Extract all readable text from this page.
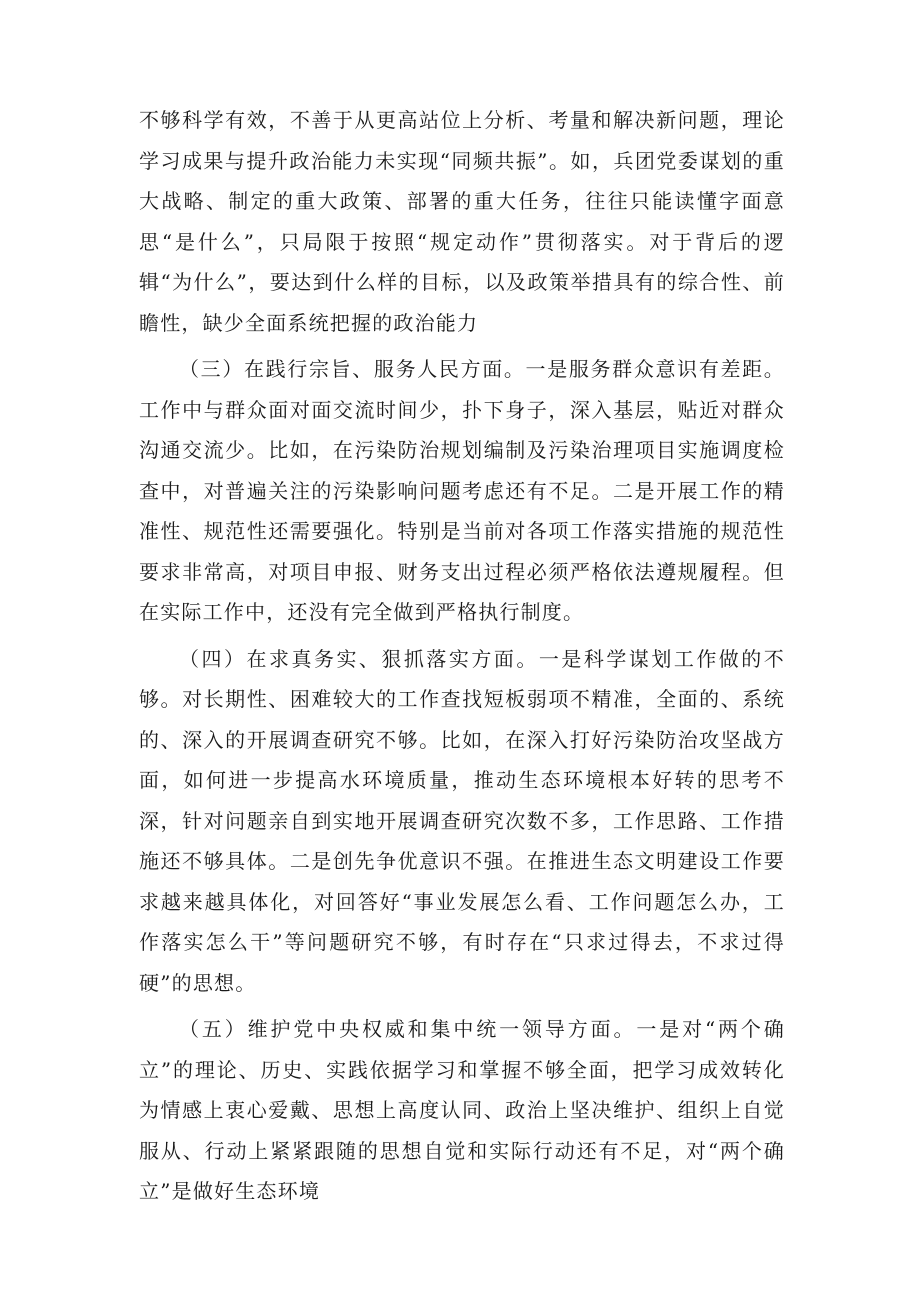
不够科学有效，不善于从更高站位上分析、考量和解决新问题，理论学习成果与提升政治能力未实现“同频共振”。如，兵团党委谋划的重大战略、制定的重大政策、部署的重大任务，往往只能读懂字面意思“是什么”，只局限于按照“规定动作”贯彻落实。对于背后的逻辑“为什么”，要达到什么样的目标，以及政策举措具有的综合性、前瞻性，缺少全面系统把握的政治能力

（三）在践行宗旨、服务人民方面。一是服务群众意识有差距。工作中与群众面对面交流时间少，扑下身子，深入基层，贴近对群众沟通交流少。比如，在污染防治规划编制及污染治理项目实施调度检查中，对普遍关注的污染影响问题考虑还有不足。二是开展工作的精准性、规范性还需要强化。特别是当前对各项工作落实措施的规范性要求非常高，对项目申报、财务支出过程必须严格依法遵规履程。但在实际工作中，还没有完全做到严格执行制度。

（四）在求真务实、狠抓落实方面。一是科学谋划工作做的不够。对长期性、困难较大的工作查找短板弱项不精准，全面的、系统的、深入的开展调查研究不够。比如，在深入打好污染防治攻坚战方面，如何进一步提高水环境质量，推动生态环境根本好转的思考不深，针对问题亲自到实地开展调查研究次数不多，工作思路、工作措施还不够具体。二是创先争优意识不强。在推进生态文明建设工作要求越来越具体化，对回答好“事业发展怎么看、工作问题怎么办，工作落实怎么干”等问题研究不够，有时存在“只求过得去，不求过得硬”的思想。

（五）维护党中央权威和集中统一领导方面。一是对“两个确立”的理论、历史、实践依据学习和掌握不够全面，把学习成效转化为情感上衷心爱戴、思想上高度认同、政治上坚决维护、组织上自觉服从、行动上紧紧跟随的思想自觉和实际行动还有不足，对“两个确立”是做好生态环境
